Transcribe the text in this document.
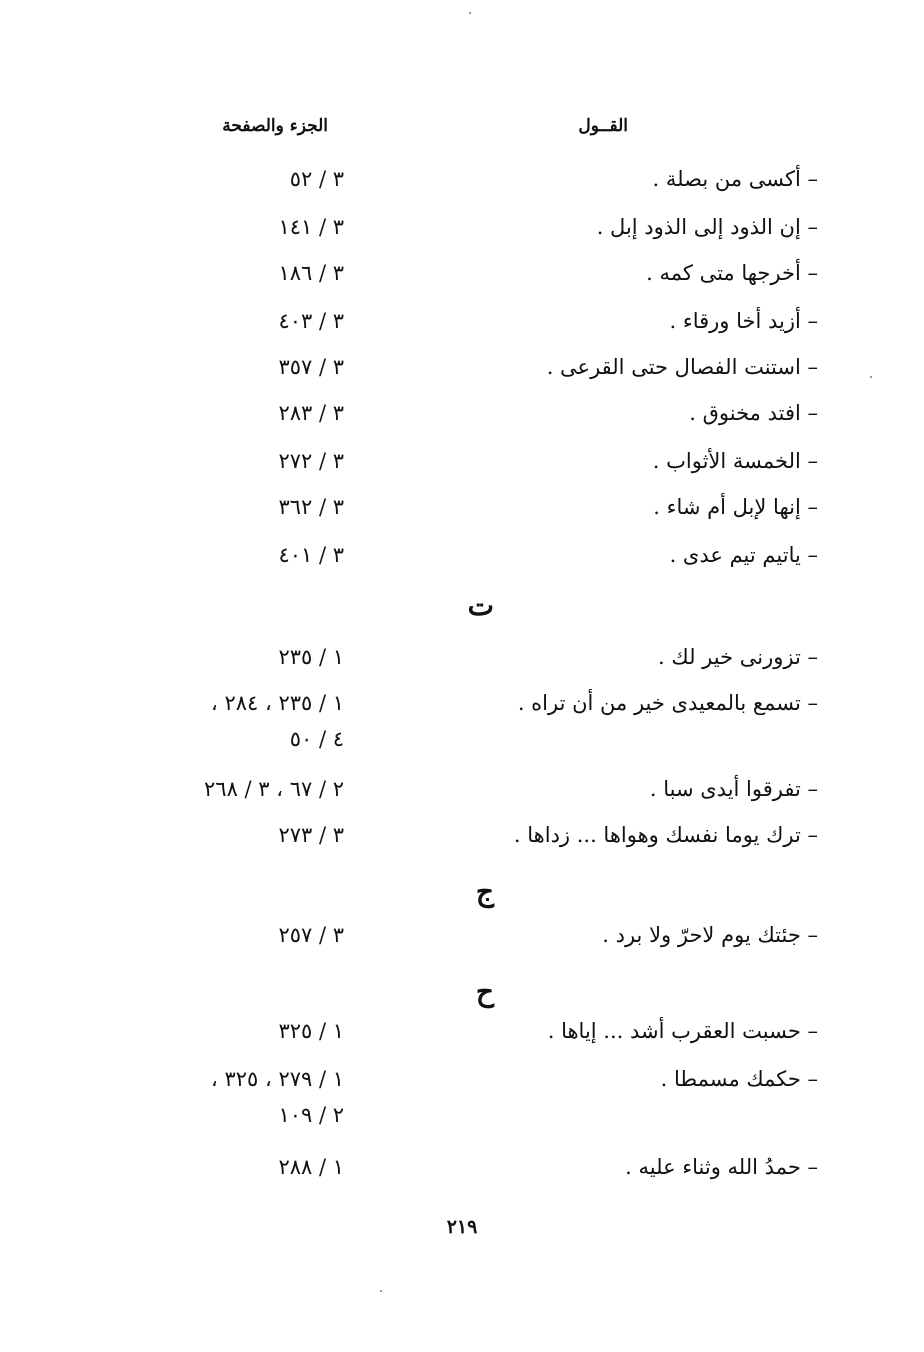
القــول
الجزء والصفحة
– أكسى من بصلة .
٣ / ٥٢
– إن الذود إلى الذود إبل .
٣ / ١٤١
– أخرجها متى كمه .
٣ / ١٨٦
– أزيد أخا ورقاء .
٣ / ٤٠٣
– استنت الفصال حتى القرعى .
٣ / ٣٥٧
– افتد مخنوق .
٣ / ٢٨٣
– الخمسة الأثواب .
٣ / ٢٧٢
– إنها لإبل أم شاء .
٣ / ٣٦٢
– ياتيم تيم عدى .
٣ / ٤٠١
ت
– تزورنى خير لك .
١ / ٢٣٥
– تسمع بالمعيدى خير من أن تراه .
١ / ٢٣٥ ، ٢٨٤ ،
٤ / ٥٠
– تفرقوا أيدى سبا .
٢ / ٦٧ ، ٣ / ٢٦٨
– ترك يوما نفسك وهواها ... زداها .
٣ / ٢٧٣
ج
– جئتك يوم لاحرّ ولا برد .
٣ / ٢٥٧
ح
– حسبت العقرب أشد ... إياها .
١ / ٣٢٥
– حكمك مسمطا .
١ / ٢٧٩ ، ٣٢٥ ،
٢ / ١٠٩
– حمدُ الله وثناء عليه .
١ / ٢٨٨
٢١٩
